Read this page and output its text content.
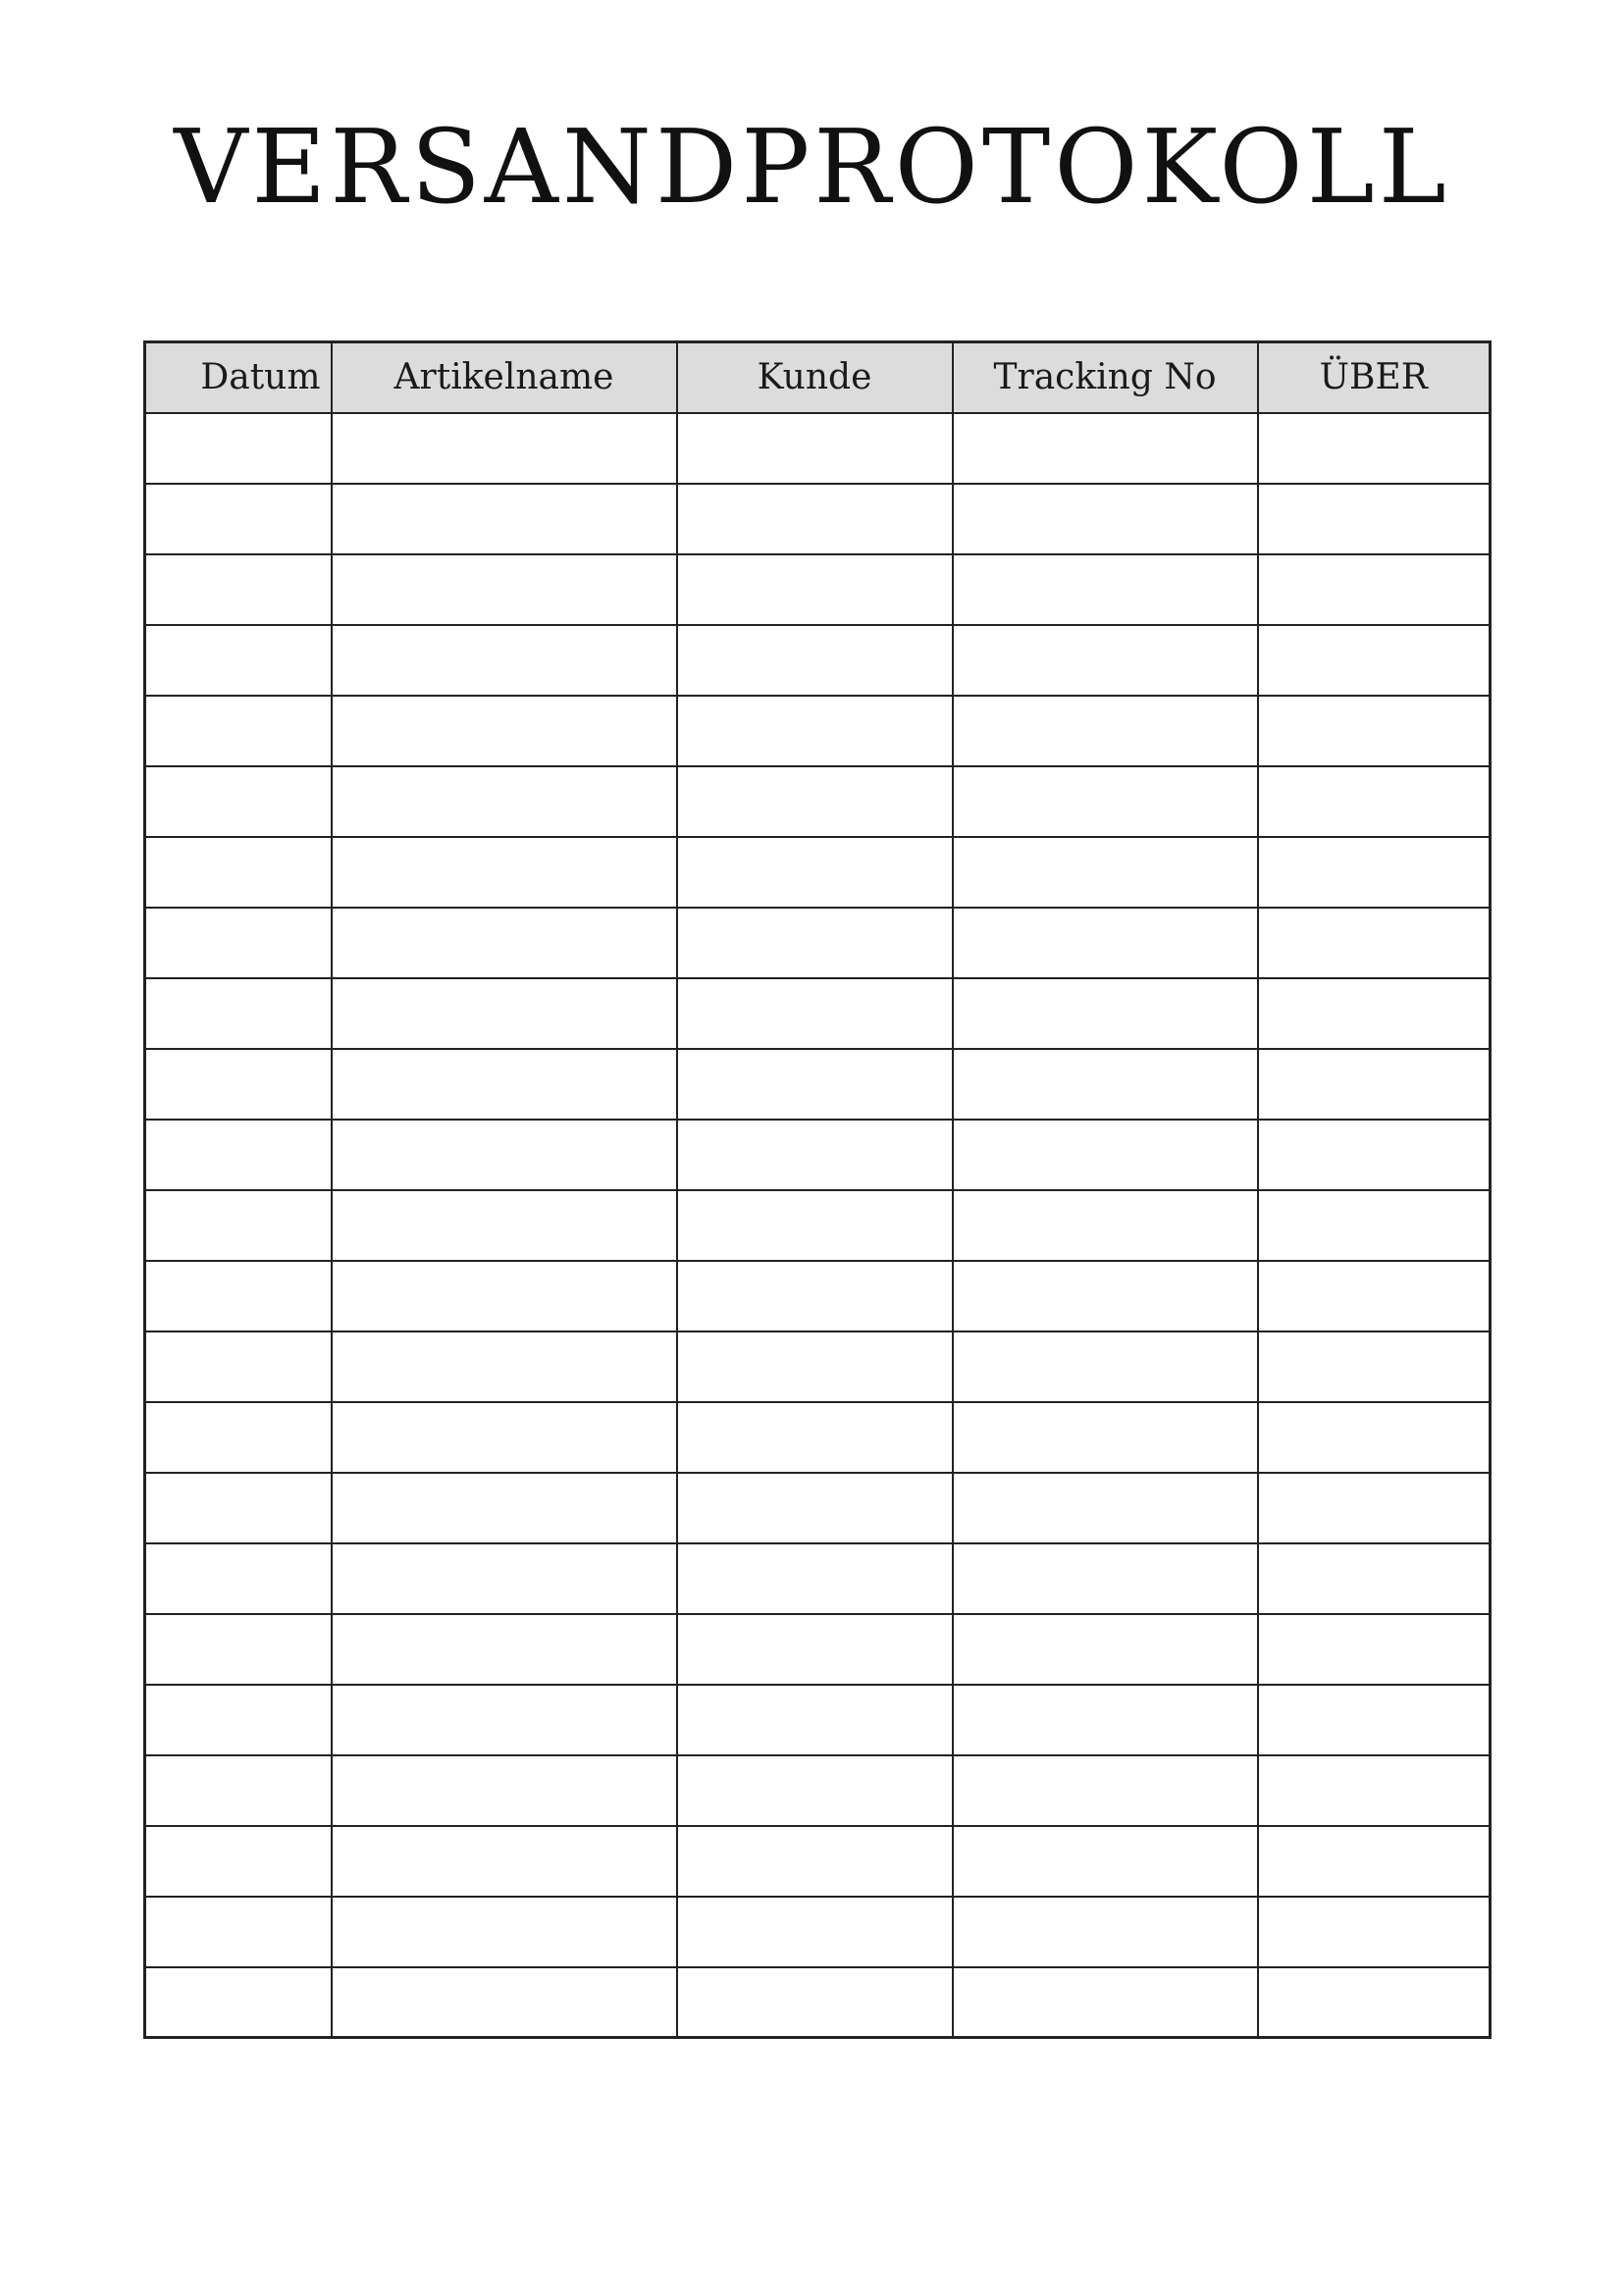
VERSANDPROTOKOLL
Datum	Artikelname	Kunde	Tracking No	ÜBER
